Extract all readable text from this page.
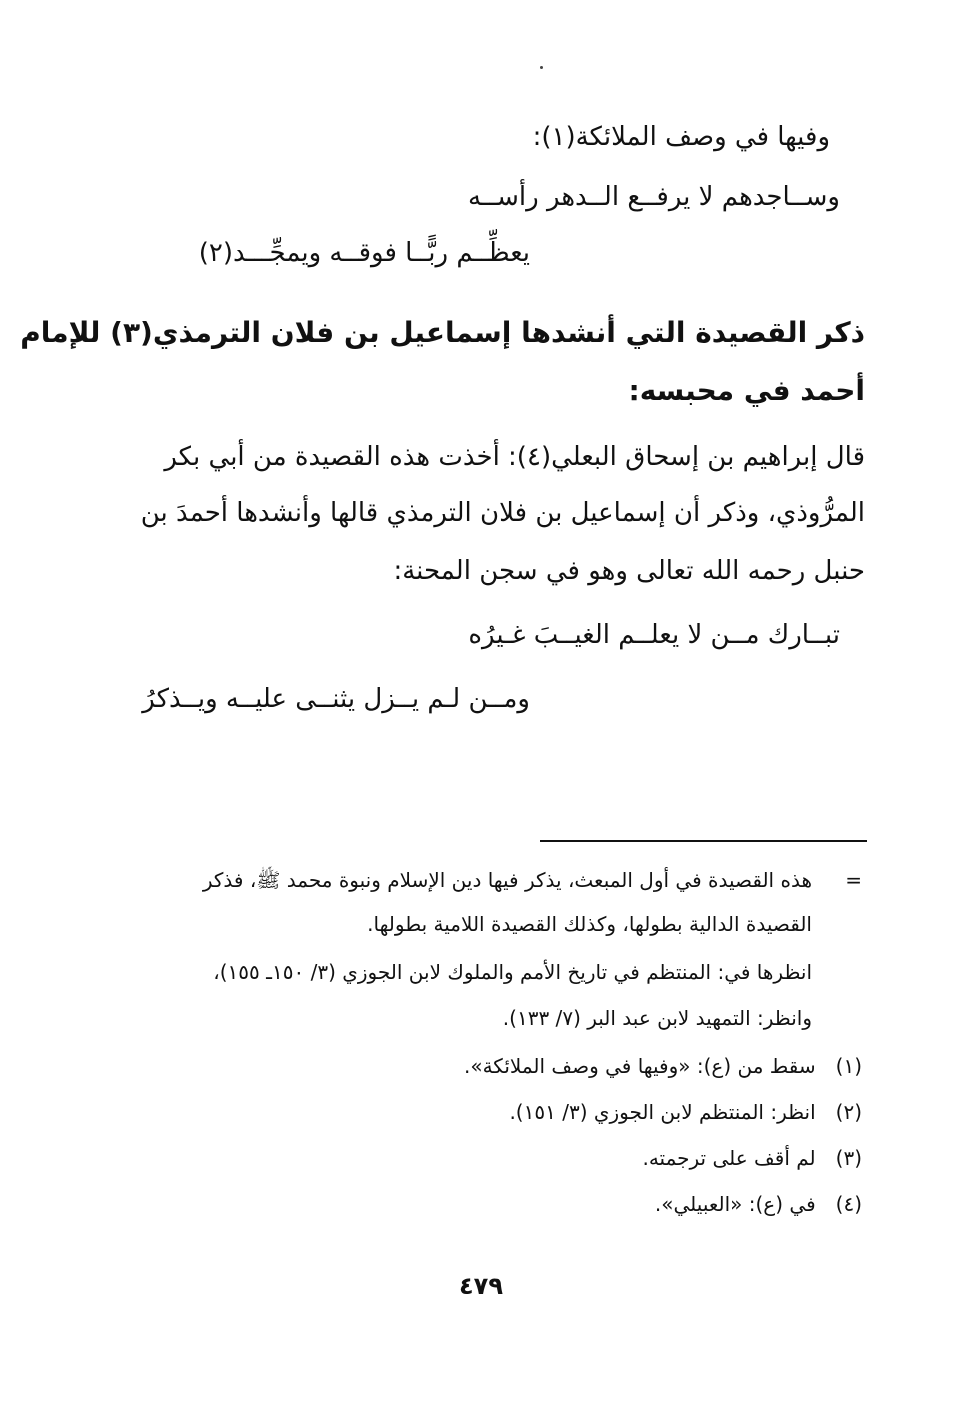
وفيها في وصف الملائكة(١):
وســاجدهم لا يرفــع الــدهر رأســه
يعظِّــم ربًّــا فوقــه ويمجِّـــد(٢)
ذكر القصيدة التي أنشدها إسماعيل بن فلان الترمذي(٣) للإمام
أحمد في محبسه:
قال إبراهيم بن إسحاق البعلي(٤): أخذت هذه القصيدة من أبي بكر
المرُّوذي، وذكر أن إسماعيل بن فلان الترمذي قالها وأنشدها أحمدَ بن
حنبل رحمه الله تعالى وهو في سجن المحنة:
تبــارك مــن لا يعلــم الغيــبَ غـيرُه
ومــن لـم يــزل يثنــى عليــه ويــذكرُ
=
هذه القصيدة في أول المبعث، يذكر فيها دين الإسلام ونبوة محمد ﷺ، فذكر
القصيدة الدالية بطولها، وكذلك القصيدة اللامية بطولها.
انظرها في: المنتظم في تاريخ الأمم والملوك لابن الجوزي (٣/ ١٥٠ـ ١٥٥)،
وانظر: التمهيد لابن عبد البر (٧/ ١٣٣).
(١) سقط من (ع): «وفيها في وصف الملائكة».
(٢) انظر: المنتظم لابن الجوزي (٣/ ١٥١).
(٣) لم أقف على ترجمته.
(٤) في (ع): «العبيلي».
٤٧٩
